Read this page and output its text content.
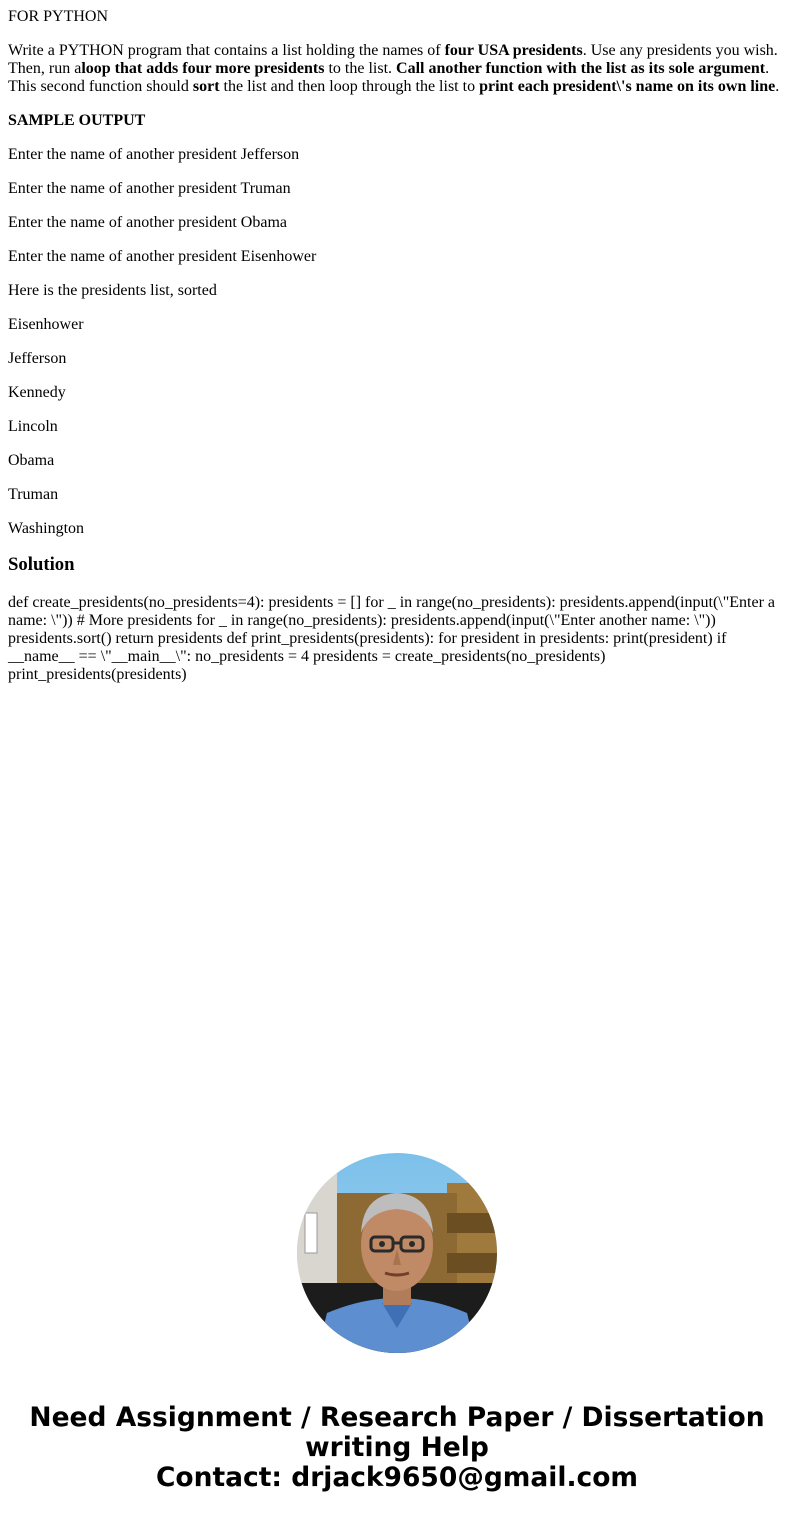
FOR PYTHON

Write a PYTHON program that contains a list holding the names of four USA presidents. Use any presidents you wish. Then, run aloop that adds four more presidents to the list. Call another function with the list as its sole argument. This second function should sort the list and then loop through the list to print each president\'s name on its own line.

SAMPLE OUTPUT

Enter the name of another president Jefferson

Enter the name of another president Truman

Enter the name of another president Obama

Enter the name of another president Eisenhower

Here is the presidents list, sorted

Eisenhower

Jefferson

Kennedy

Lincoln

Obama

Truman

Washington

Solution

def create_presidents(no_presidents=4): presidents = [] for _ in range(no_presidents): presidents.append(input(\"Enter a name: \")) # More presidents for _ in range(no_presidents): presidents.append(input(\"Enter another name: \")) presidents.sort() return presidents def print_presidents(presidents): for president in presidents: print(president) if __name__ == \"__main__\": no_presidents = 4 presidents = create_presidents(no_presidents) print_presidents(presidents)

Need Assignment / Research Paper / Dissertation
writing Help
Contact: drjack9650@gmail.com
